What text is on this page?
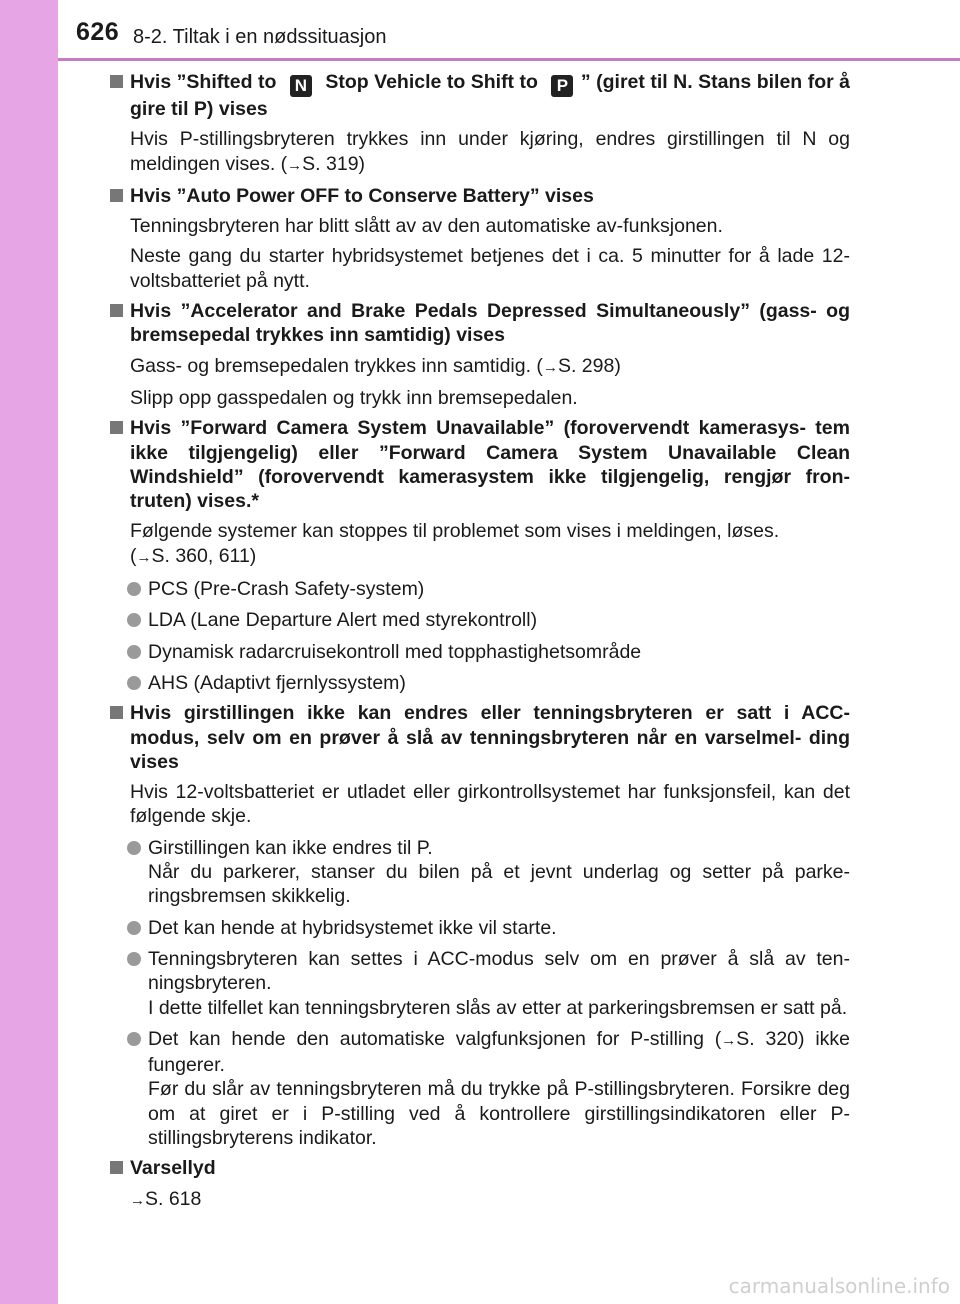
626 8-2. Tiltak i en nødssituasjon
Hvis ”Shifted to N Stop Vehicle to Shift to P ” (giret til N. Stans bilen for å gire til P) vises
Hvis P-stillingsbryteren trykkes inn under kjøring, endres girstillingen til N og meldingen vises. (→S. 319)
Hvis ”Auto Power OFF to Conserve Battery” vises
Tenningsbryteren har blitt slått av av den automatiske av-funksjonen.
Neste gang du starter hybridsystemet betjenes det i ca. 5 minutter for å lade 12-voltsbatteriet på nytt.
Hvis ”Accelerator and Brake Pedals Depressed Simultaneously” (gass- og bremsepedal trykkes inn samtidig) vises
Gass- og bremsepedalen trykkes inn samtidig. (→S. 298)
Slipp opp gasspedalen og trykk inn bremsepedalen.
Hvis ”Forward Camera System Unavailable” (forovervendt kamerasys- tem ikke tilgjengelig) eller ”Forward Camera System Unavailable Clean Windshield” (forovervendt kamerasystem ikke tilgjengelig, rengjør fron- truten) vises.*
Følgende systemer kan stoppes til problemet som vises i meldingen, løses.
(→S. 360, 611)
PCS (Pre-Crash Safety-system)
LDA (Lane Departure Alert med styrekontroll)
Dynamisk radarcruisekontroll med topphastighetsområde
AHS (Adaptivt fjernlyssystem)
Hvis girstillingen ikke kan endres eller tenningsbryteren er satt i ACC- modus, selv om en prøver å slå av tenningsbryteren når en varselmel- ding vises
Hvis 12-voltsbatteriet er utladet eller girkontrollsystemet har funksjonsfeil, kan det følgende skje.
Girstillingen kan ikke endres til P.
Når du parkerer, stanser du bilen på et jevnt underlag og setter på parke- ringsbremsen skikkelig.
Det kan hende at hybridsystemet ikke vil starte.
Tenningsbryteren kan settes i ACC-modus selv om en prøver å slå av ten- ningsbryteren.
I dette tilfellet kan tenningsbryteren slås av etter at parkeringsbremsen er satt på.
Det kan hende den automatiske valgfunksjonen for P-stilling (→S. 320) ikke fungerer.
Før du slår av tenningsbryteren må du trykke på P-stillingsbryteren. Forsikre deg om at giret er i P-stilling ved å kontrollere girstillingsindikatoren eller P- stillingsbryterens indikator.
Varsellyd
→S. 618
carmanualsonline.info
